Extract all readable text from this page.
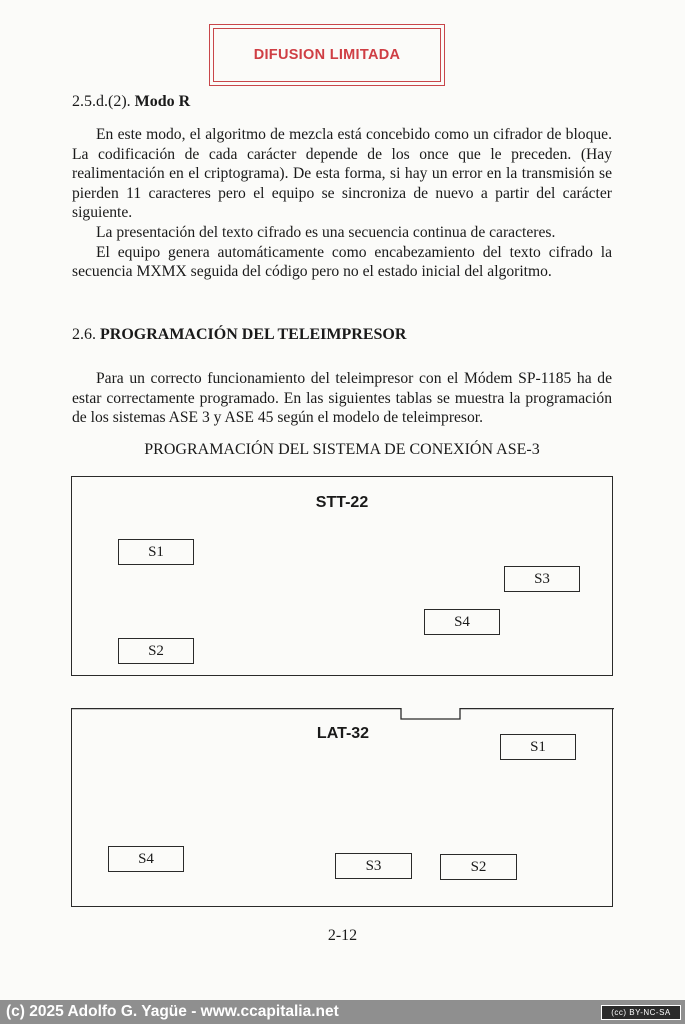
DIFUSION LIMITADA
2.5.d.(2). Modo R

En este modo, el algoritmo de mezcla está concebido como un cifrador de bloque. La codificación de cada carácter depende de los once que le preceden. (Hay realimentación en el criptograma). De esta forma, si hay un error en la transmisión se pierden 11 caracteres pero el equipo se sincroniza de nuevo a partir del carácter siguiente.

La presentación del texto cifrado es una secuencia continua de caracteres.

El equipo genera automáticamente como encabezamiento del texto cifrado la secuencia MXMX seguida del código pero no el estado inicial del algoritmo.

2.6. PROGRAMACIÓN DEL TELEIMPRESOR

Para un correcto funcionamiento del teleimpresor con el Módem SP-1185 ha de estar correctamente programado. En las siguientes tablas se muestra la programación de los sistemas ASE 3 y ASE 45 según el modelo de teleimpresor.

PROGRAMACIÓN DEL SISTEMA DE CONEXIÓN ASE-3
STT-22
S1
S3
S4
S2
LAT-32
S1
S4	S3	S2
2-12
(c) 2025 Adolfo G. Yagüe - www.ccapitalia.net	(cc) BY-NC-SA
